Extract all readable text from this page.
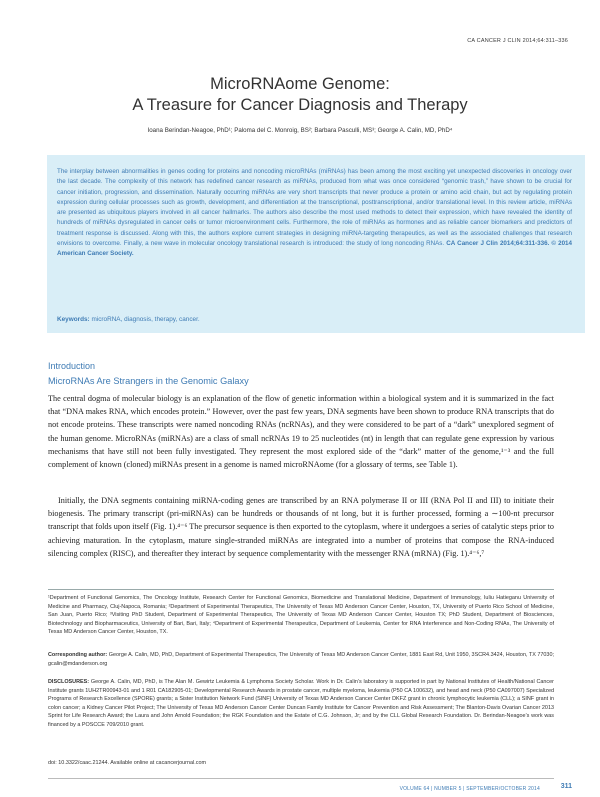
CA CANCER J CLIN 2014;64:311–336
MicroRNAome Genome:
A Treasure for Cancer Diagnosis and Therapy
Ioana Berindan-Neagoe, PhD¹; Paloma del C. Monroig, BS²; Barbara Pasculli, MS³; George A. Calin, MD, PhD⁴
The interplay between abnormalities in genes coding for proteins and noncoding microRNAs (miRNAs) has been among the most exciting yet unexpected discoveries in oncology over the last decade. The complexity of this network has redefined cancer research as miRNAs, produced from what was once considered “genomic trash,” have shown to be crucial for cancer initiation, progression, and dissemination. Naturally occurring miRNAs are very short transcripts that never produce a protein or amino acid chain, but act by regulating protein expression during cellular processes such as growth, development, and differentiation at the transcriptional, posttranscriptional, and/or translational level. In this review article, miRNAs are presented as ubiquitous players involved in all cancer hallmarks. The authors also describe the most used methods to detect their expression, which have revealed the identity of hundreds of miRNAs dysregulated in cancer cells or tumor microenvironment cells. Furthermore, the role of miRNAs as hormones and as reliable cancer biomarkers and predictors of treatment response is discussed. Along with this, the authors explore current strategies in designing miRNA-targeting therapeutics, as well as the associated challenges that research envisions to overcome. Finally, a new wave in molecular oncology translational research is introduced: the study of long noncoding RNAs. CA Cancer J Clin 2014;64:311-336. © 2014 American Cancer Society.
Keywords: microRNA, diagnosis, therapy, cancer.
Introduction
MicroRNAs Are Strangers in the Genomic Galaxy
The central dogma of molecular biology is an explanation of the flow of genetic information within a biological system and it is summarized in the fact that “DNA makes RNA, which encodes protein.” However, over the past few years, DNA segments have been shown to produce RNA transcripts that do not encode proteins. These transcripts were named noncoding RNAs (ncRNAs), and they were considered to be part of a “dark” unexplored segment of the human genome. MicroRNAs (miRNAs) are a class of small ncRNAs 19 to 25 nucleotides (nt) in length that can regulate gene expression by various mechanisms that have still not been fully investigated. They represent the most explored side of the “dark” matter of the genome,¹⁻³ and the full complement of known (cloned) miRNAs present in a genome is named microRNAome (for a glossary of terms, see Table 1).
Initially, the DNA segments containing miRNA-coding genes are transcribed by an RNA polymerase II or III (RNA Pol II and III) to initiate their biogenesis. The primary transcript (pri-miRNAs) can be hundreds or thousands of nt long, but it is further processed, forming a ∼100-nt precursor transcript that folds upon itself (Fig. 1).⁴⁻⁶ The precursor sequence is then exported to the cytoplasm, where it undergoes a series of catalytic steps prior to achieving maturation. In the cytoplasm, mature single-stranded miRNAs are integrated into a number of proteins that compose the RNA-induced silencing complex (RISC), and thereafter they interact by sequence complementarity with the messenger RNA (mRNA) (Fig. 1).⁴⁻⁶,⁷
¹Department of Functional Genomics, The Oncology Institute, Research Center for Functional Genomics, Biomedicine and Translational Medicine, Department of Immunology, Iuliu Hatieganu University of Medicine and Pharmacy, Cluj-Napoca, Romania; ²Department of Experimental Therapeutics, The University of Texas MD Anderson Cancer Center, Houston, TX, University of Puerto Rico School of Medicine, San Juan, Puerto Rico; ³Visiting PhD Student, Department of Experimental Therapeutics, The University of Texas MD Anderson Cancer Center, Houston TX; PhD Student, Department of Biosciences, Biotechnology and Biopharmaceutics, University of Bari, Bari, Italy; ⁴Department of Experimental Therapeutics, Department of Leukemia, Center for RNA Interference and Non-Coding RNAs, The University of Texas MD Anderson Cancer Center, Houston, TX.
Corresponding author: George A. Calin, MD, PhD, Department of Experimental Therapeutics, The University of Texas MD Anderson Cancer Center, 1881 East Rd, Unit 1950, 3SCR4.3424, Houston, TX 77030; gcalin@mdanderson.org
DISCLOSURES: George A. Calin, MD, PhD, is The Alan M. Gewirtz Leukemia & Lymphoma Society Scholar. Work in Dr. Calin’s laboratory is supported in part by National Institutes of Health/National Cancer Institute grants 1UH2TR00943-01 and 1 R01 CA182905-01; Developmental Research Awards in prostate cancer, multiple myeloma, leukemia (P50 CA 100632), and head and neck (P50 CA097007) Specialized Programs of Research Excellence (SPORE) grants; a Sister Institution Network Fund (SINF) University of Texas MD Anderson Cancer Center DKFZ grant in chronic lymphocytic leukemia (CLL); a SINF grant in colon cancer; a Kidney Cancer Pilot Project; The University of Texas MD Anderson Cancer Center Duncan Family Institute for Cancer Prevention and Risk Assessment; The Blanton-Davis Ovarian Cancer 2013 Sprint for Life Research Award; the Laura and John Arnold Foundation; the RGK Foundation and the Estate of C.G. Johnson, Jr; and by the CLL Global Research Foundation. Dr. Berindan-Neagoe’s work was financed by a POSCCE 709/2010 grant.
doi: 10.3322/caac.21244. Available online at cacancerjournal.com
VOLUME 64 | NUMBER 5 | SEPTEMBER/OCTOBER 2014	311
